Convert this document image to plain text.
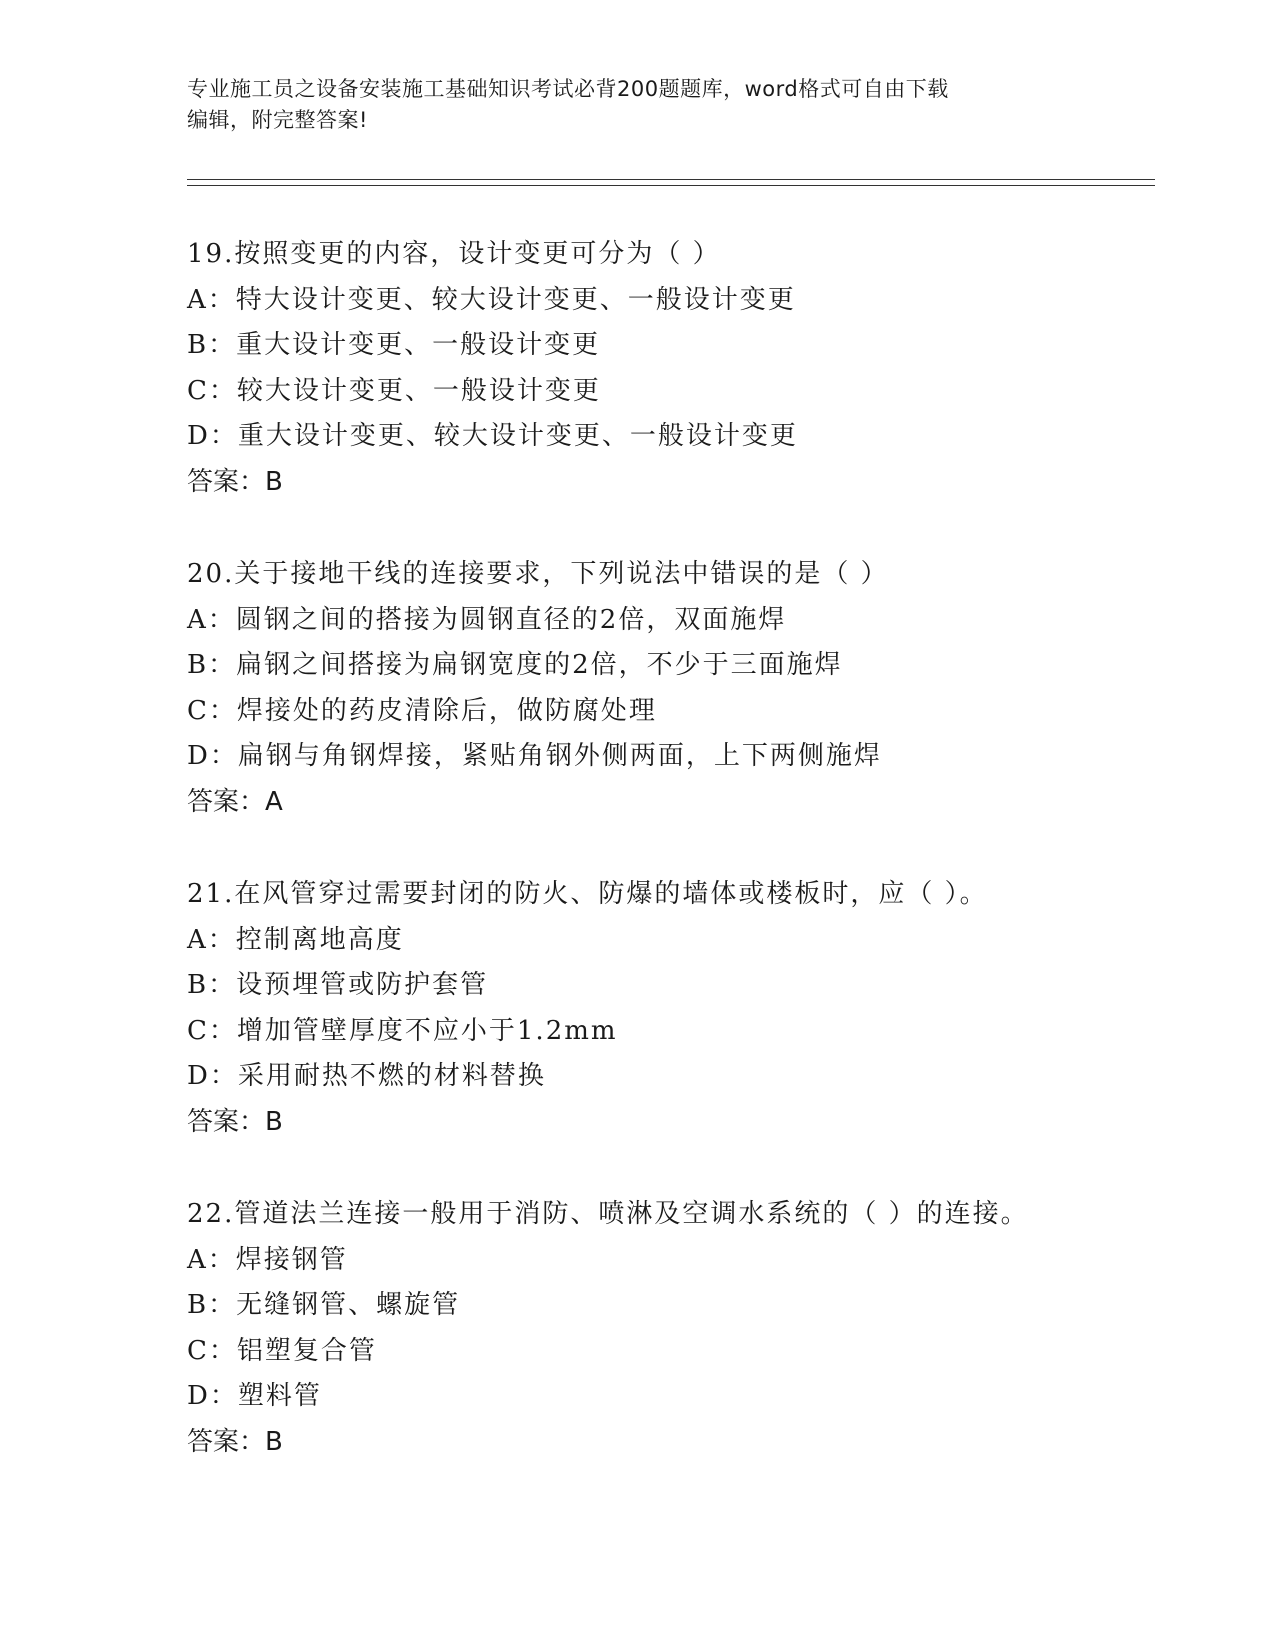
专业施工员之设备安装施工基础知识考试必背200题题库，word格式可自由下载
编辑，附完整答案!
19.按照变更的内容，设计变更可分为（ ）
A：特大设计变更、较大设计变更、一般设计变更
B：重大设计变更、一般设计变更
C：较大设计变更、一般设计变更
D：重大设计变更、较大设计变更、一般设计变更
答案：B
20.关于接地干线的连接要求，下列说法中错误的是（ ）
A：圆钢之间的搭接为圆钢直径的2倍，双面施焊
B：扁钢之间搭接为扁钢宽度的2倍，不少于三面施焊
C：焊接处的药皮清除后，做防腐处理
D：扁钢与角钢焊接，紧贴角钢外侧两面，上下两侧施焊
答案：A
21.在风管穿过需要封闭的防火、防爆的墙体或楼板时，应（ ）。
A：控制离地高度
B：设预埋管或防护套管
C：增加管壁厚度不应小于1.2mm
D：采用耐热不燃的材料替换
答案：B
22.管道法兰连接一般用于消防、喷淋及空调水系统的（ ）的连接。
A：焊接钢管
B：无缝钢管、螺旋管
C：铝塑复合管
D：塑料管
答案：B
